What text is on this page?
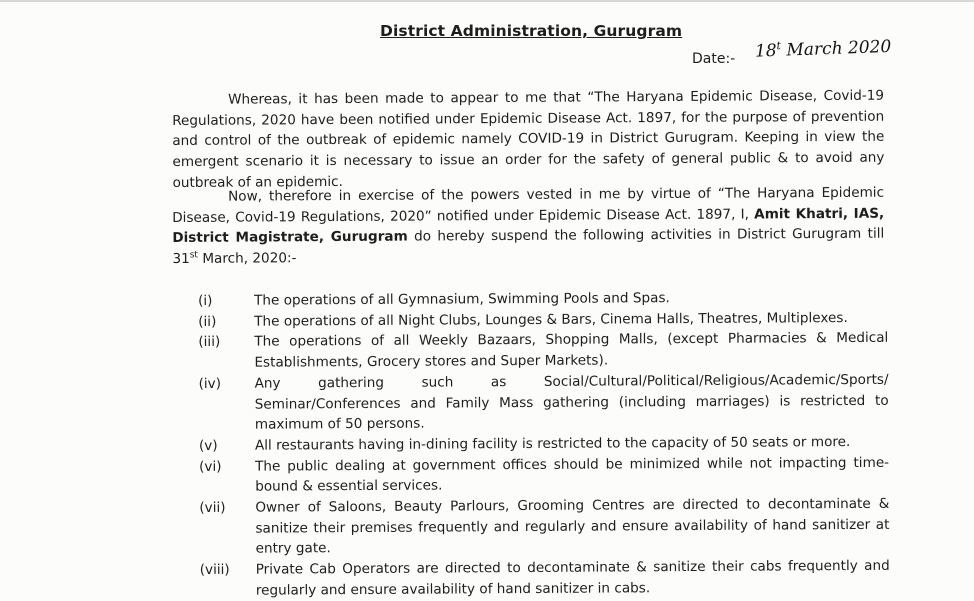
District Administration, Gurugram
Date:- 18$^t$ March 2020

Whereas, it has been made to appear to me that “The Haryana Epidemic Disease, Covid-19 Regulations, 2020 have been notified under Epidemic Disease Act. 1897, for the purpose of prevention and control of the outbreak of epidemic namely COVID-19 in District Gurugram. Keeping in view the emergent scenario it is necessary to issue an order for the safety of general public & to avoid any outbreak of an epidemic.

Now, therefore in exercise of the powers vested in me by virtue of “The Haryana Epidemic Disease, Covid-19 Regulations, 2020” notified under Epidemic Disease Act. 1897, I, Amit Khatri, IAS, District Magistrate, Gurugram do hereby suspend the following activities in District Gurugram till 31st March, 2020:-

(i)	The operations of all Gymnasium, Swimming Pools and Spas.
(ii)	The operations of all Night Clubs, Lounges & Bars, Cinema Halls, Theatres, Multiplexes.
(iii)	The operations of all Weekly Bazaars, Shopping Malls, (except Pharmacies & Medical Establishments, Grocery stores and Super Markets).
(iv)	Any gathering such as Social/Cultural/Political/Religious/Academic/Sports/ Seminar/Conferences and Family Mass gathering (including marriages) is restricted to maximum of 50 persons.
(v)	All restaurants having in-dining facility is restricted to the capacity of 50 seats or more.
(vi)	The public dealing at government offices should be minimized while not impacting time-bound & essential services.
(vii)	Owner of Saloons, Beauty Parlours, Grooming Centres are directed to decontaminate & sanitize their premises frequently and regularly and ensure availability of hand sanitizer at entry gate.
(viii)	Private Cab Operators are directed to decontaminate & sanitize their cabs frequently and regularly and ensure availability of hand sanitizer in cabs.
